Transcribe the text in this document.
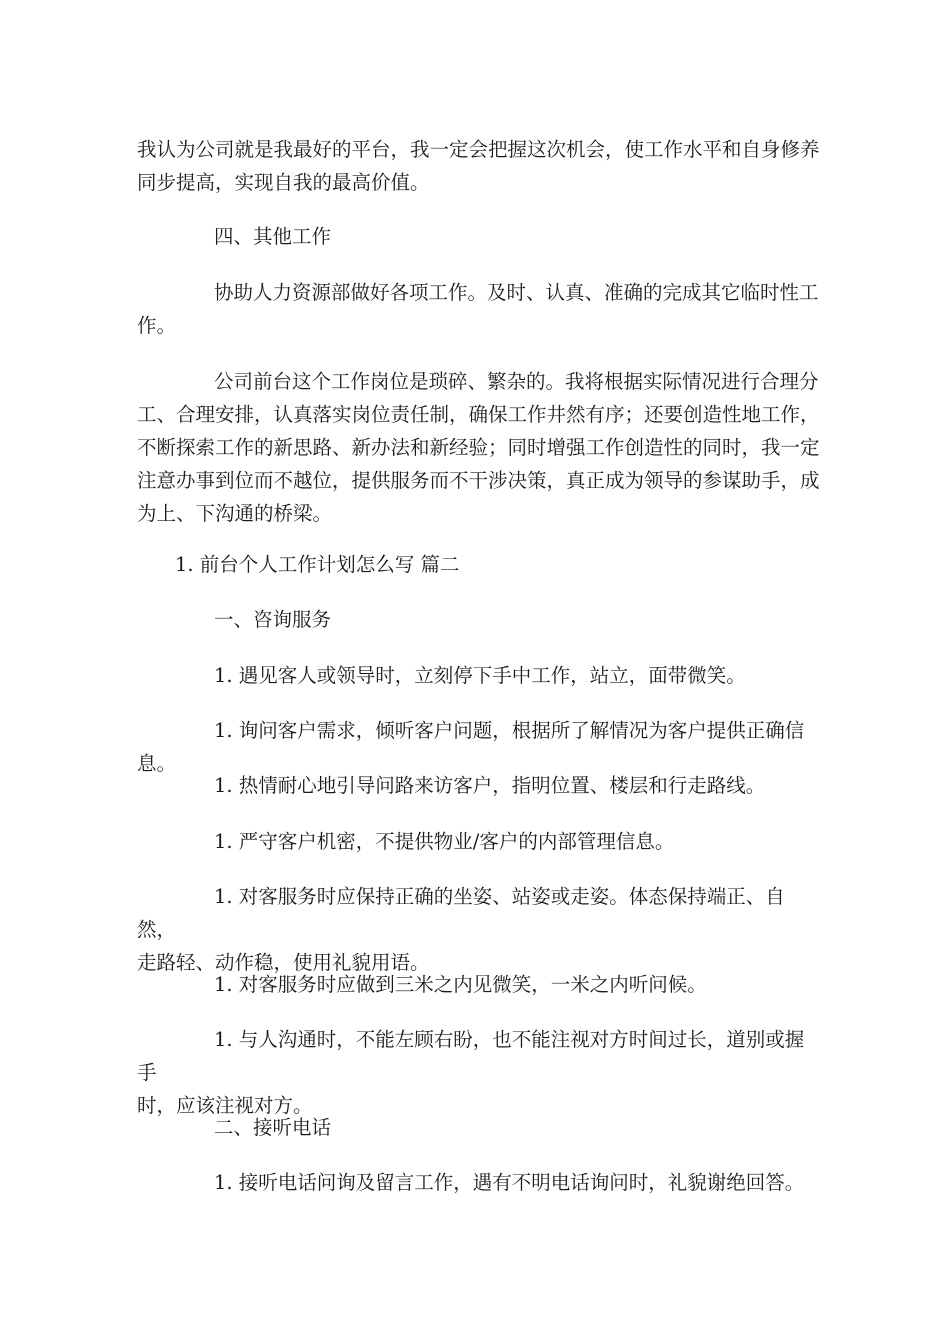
我认为公司就是我最好的平台，我一定会把握这次机会，使工作水平和自身修养
同步提高，实现自我的最高价值。

四、其他工作

协助人力资源部做好各项工作。及时、认真、准确的完成其它临时性工
作。

公司前台这个工作岗位是琐碎、繁杂的。我将根据实际情况进行合理分
工、合理安排，认真落实岗位责任制，确保工作井然有序；还要创造性地工作，
不断探索工作的新思路、新办法和新经验；同时增强工作创造性的同时，我一定
注意办事到位而不越位，提供服务而不干涉决策，真正成为领导的参谋助手，成
为上、下沟通的桥梁。

1. 前台个人工作计划怎么写 篇二

一、咨询服务

1. 遇见客人或领导时，立刻停下手中工作，站立，面带微笑。

1. 询问客户需求，倾听客户问题，根据所了解情况为客户提供正确信息。

1. 热情耐心地引导问路来访客户，指明位置、楼层和行走路线。

1. 严守客户机密，不提供物业/客户的内部管理信息。

1. 对客服务时应保持正确的坐姿、站姿或走姿。体态保持端正、自然，
走路轻、动作稳，使用礼貌用语。

1. 对客服务时应做到三米之内见微笑，一米之内听问候。

1. 与人沟通时，不能左顾右盼，也不能注视对方时间过长，道别或握手
时，应该注视对方。

二、接听电话

1. 接听电话问询及留言工作，遇有不明电话询问时，礼貌谢绝回答。
